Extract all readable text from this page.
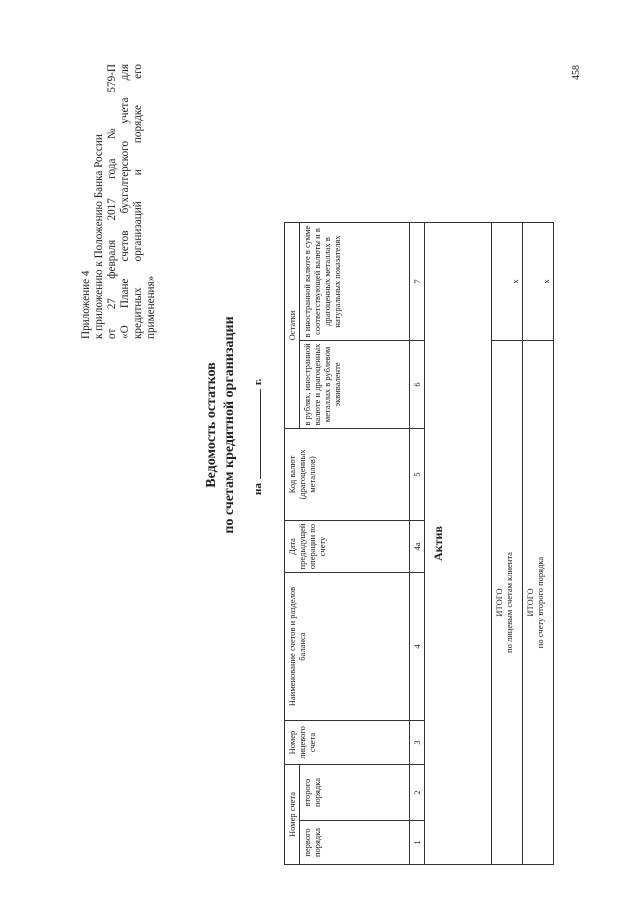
458
Приложение 4 к приложению к Положению Банка России от 27 февраля 2017 года № 579-П «О Плане счетов бухгалтерского учета для кредитных организаций и порядке его применения»
Ведомость остатков по счетам кредитной организации наг.
Номер счета		Номер лицевого счета	Наименование счетов и разделов баланса	Дата предыдущей операции по счету	Код валют (драгоценных металлов)	Остатки	
первого порядка	второго порядка					в рублях, иностранной валюте и драгоценных металлах в рублевом эквиваленте	в иностранной валюте в сумме соответствующей валюты и в драгоценных металлах в натуральных показателях
1	2	3	4	4а	5	6	7
Актив							

ИТОГО по лицевым счетам клиента							х

ИТОГО по счету второго порядка							х
